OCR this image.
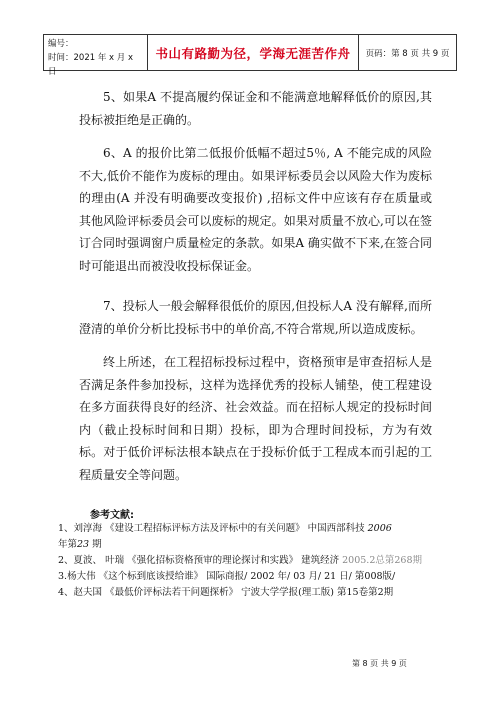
编号：
时间：2021 年 x 月 x 日
书山有路勤为径，学海无涯苦作舟	页码：第 8 页 共 9 页
5、如果A 不提高履约保证金和不能满意地解释低价的原因,其投标被拒绝是正确的。
6、A 的报价比第二低报价低幅不超过5％, A 不能完成的风险不大,低价不能作为废标的理由。如果评标委员会以风险大作为废标的理由(A 并没有明确要改变报价) ,招标文件中应该有存在质量或其他风险评标委员会可以废标的规定。如果对质量不放心,可以在签订合同时强调窗户质量检定的条款。如果A 确实做不下来,在签合同时可能退出而被没收投标保证金。
7、投标人一般会解释很低价的原因,但投标人A 没有解释,而所澄清的单价分析比投标书中的单价高,不符合常规,所以造成废标。
终上所述，在工程招标投标过程中，资格预审是审查招标人是否满足条件参加投标，这样为选择优秀的投标人铺垫，使工程建设在多方面获得良好的经济、社会效益。而在招标人规定的投标时间内（截止投标时间和日期）投标，即为合理时间投标，方为有效标。对于低价评标法根本缺点在于投标价低于工程成本而引起的工程质量安全等问题。
参考文献:

1、刘淳海 《建设工程招标评标方法及评标中的有关问题》 中国西部科技 2006
年第23 期

2、夏波、 叶瑞 《强化招标资格预审的理论探讨和实践》 建筑经济 2005.2总第268期

3.杨大伟 《这个标到底该授给谁》 国际商报/ 2002 年/ 03 月/ 21 日/ 第008版/

4、赵夫国 《最低价评标法若干问题探析》 宁波大学学报(理工版) 第15卷第2期

第 8 页 共 9 页
